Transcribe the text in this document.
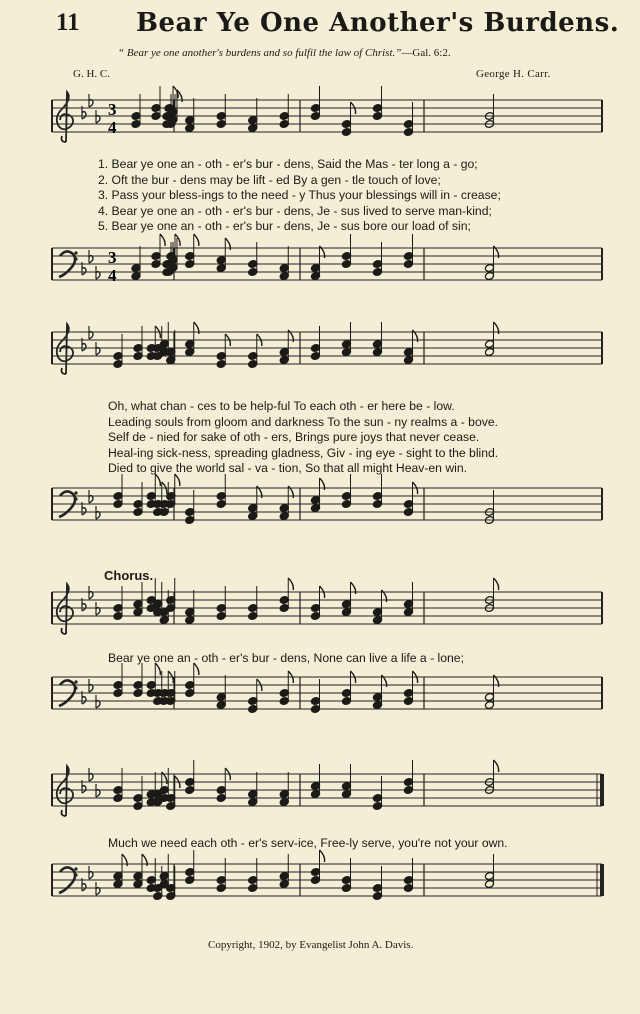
11 Bear Ye One Another's Burdens.
“ Bear ye one another's burdens and so fulfil the law of Christ.”—Gal. 6:2.
G. H. C.	George H. Carr.
3
4
1. Bear ye one an - oth - er's bur - dens, Said the Mas - ter long a - go;
2. Oft the bur - dens may be lift - ed By a gen - tle touch of love;
3. Pass your bless-ings to the need - y Thus your blessings will in - crease;
4. Bear ye one an - oth - er's bur - dens, Je - sus lived to serve man-kind;
5. Bear ye one an - oth - er's bur - dens, Je - sus bore our load of sin;
3
4
Oh, what chan - ces to be help-ful To each oth - er here be - low.
Leading souls from gloom and darkness To the sun - ny realms a - bove.
Self de - nied for sake of oth - ers, Brings pure joys that never cease.
Heal-ing sick-ness, spreading gladness, Giv - ing eye - sight to the blind.
Died to give the world sal - va - tion, So that all might Heav-en win.
Chorus.
Bear ye one an - oth - er's bur - dens, None can live a life a - lone;
Much we need each oth - er's serv-ice, Free-ly serve, you're not your own.
Copyright, 1902, by Evangelist John A. Davis.
